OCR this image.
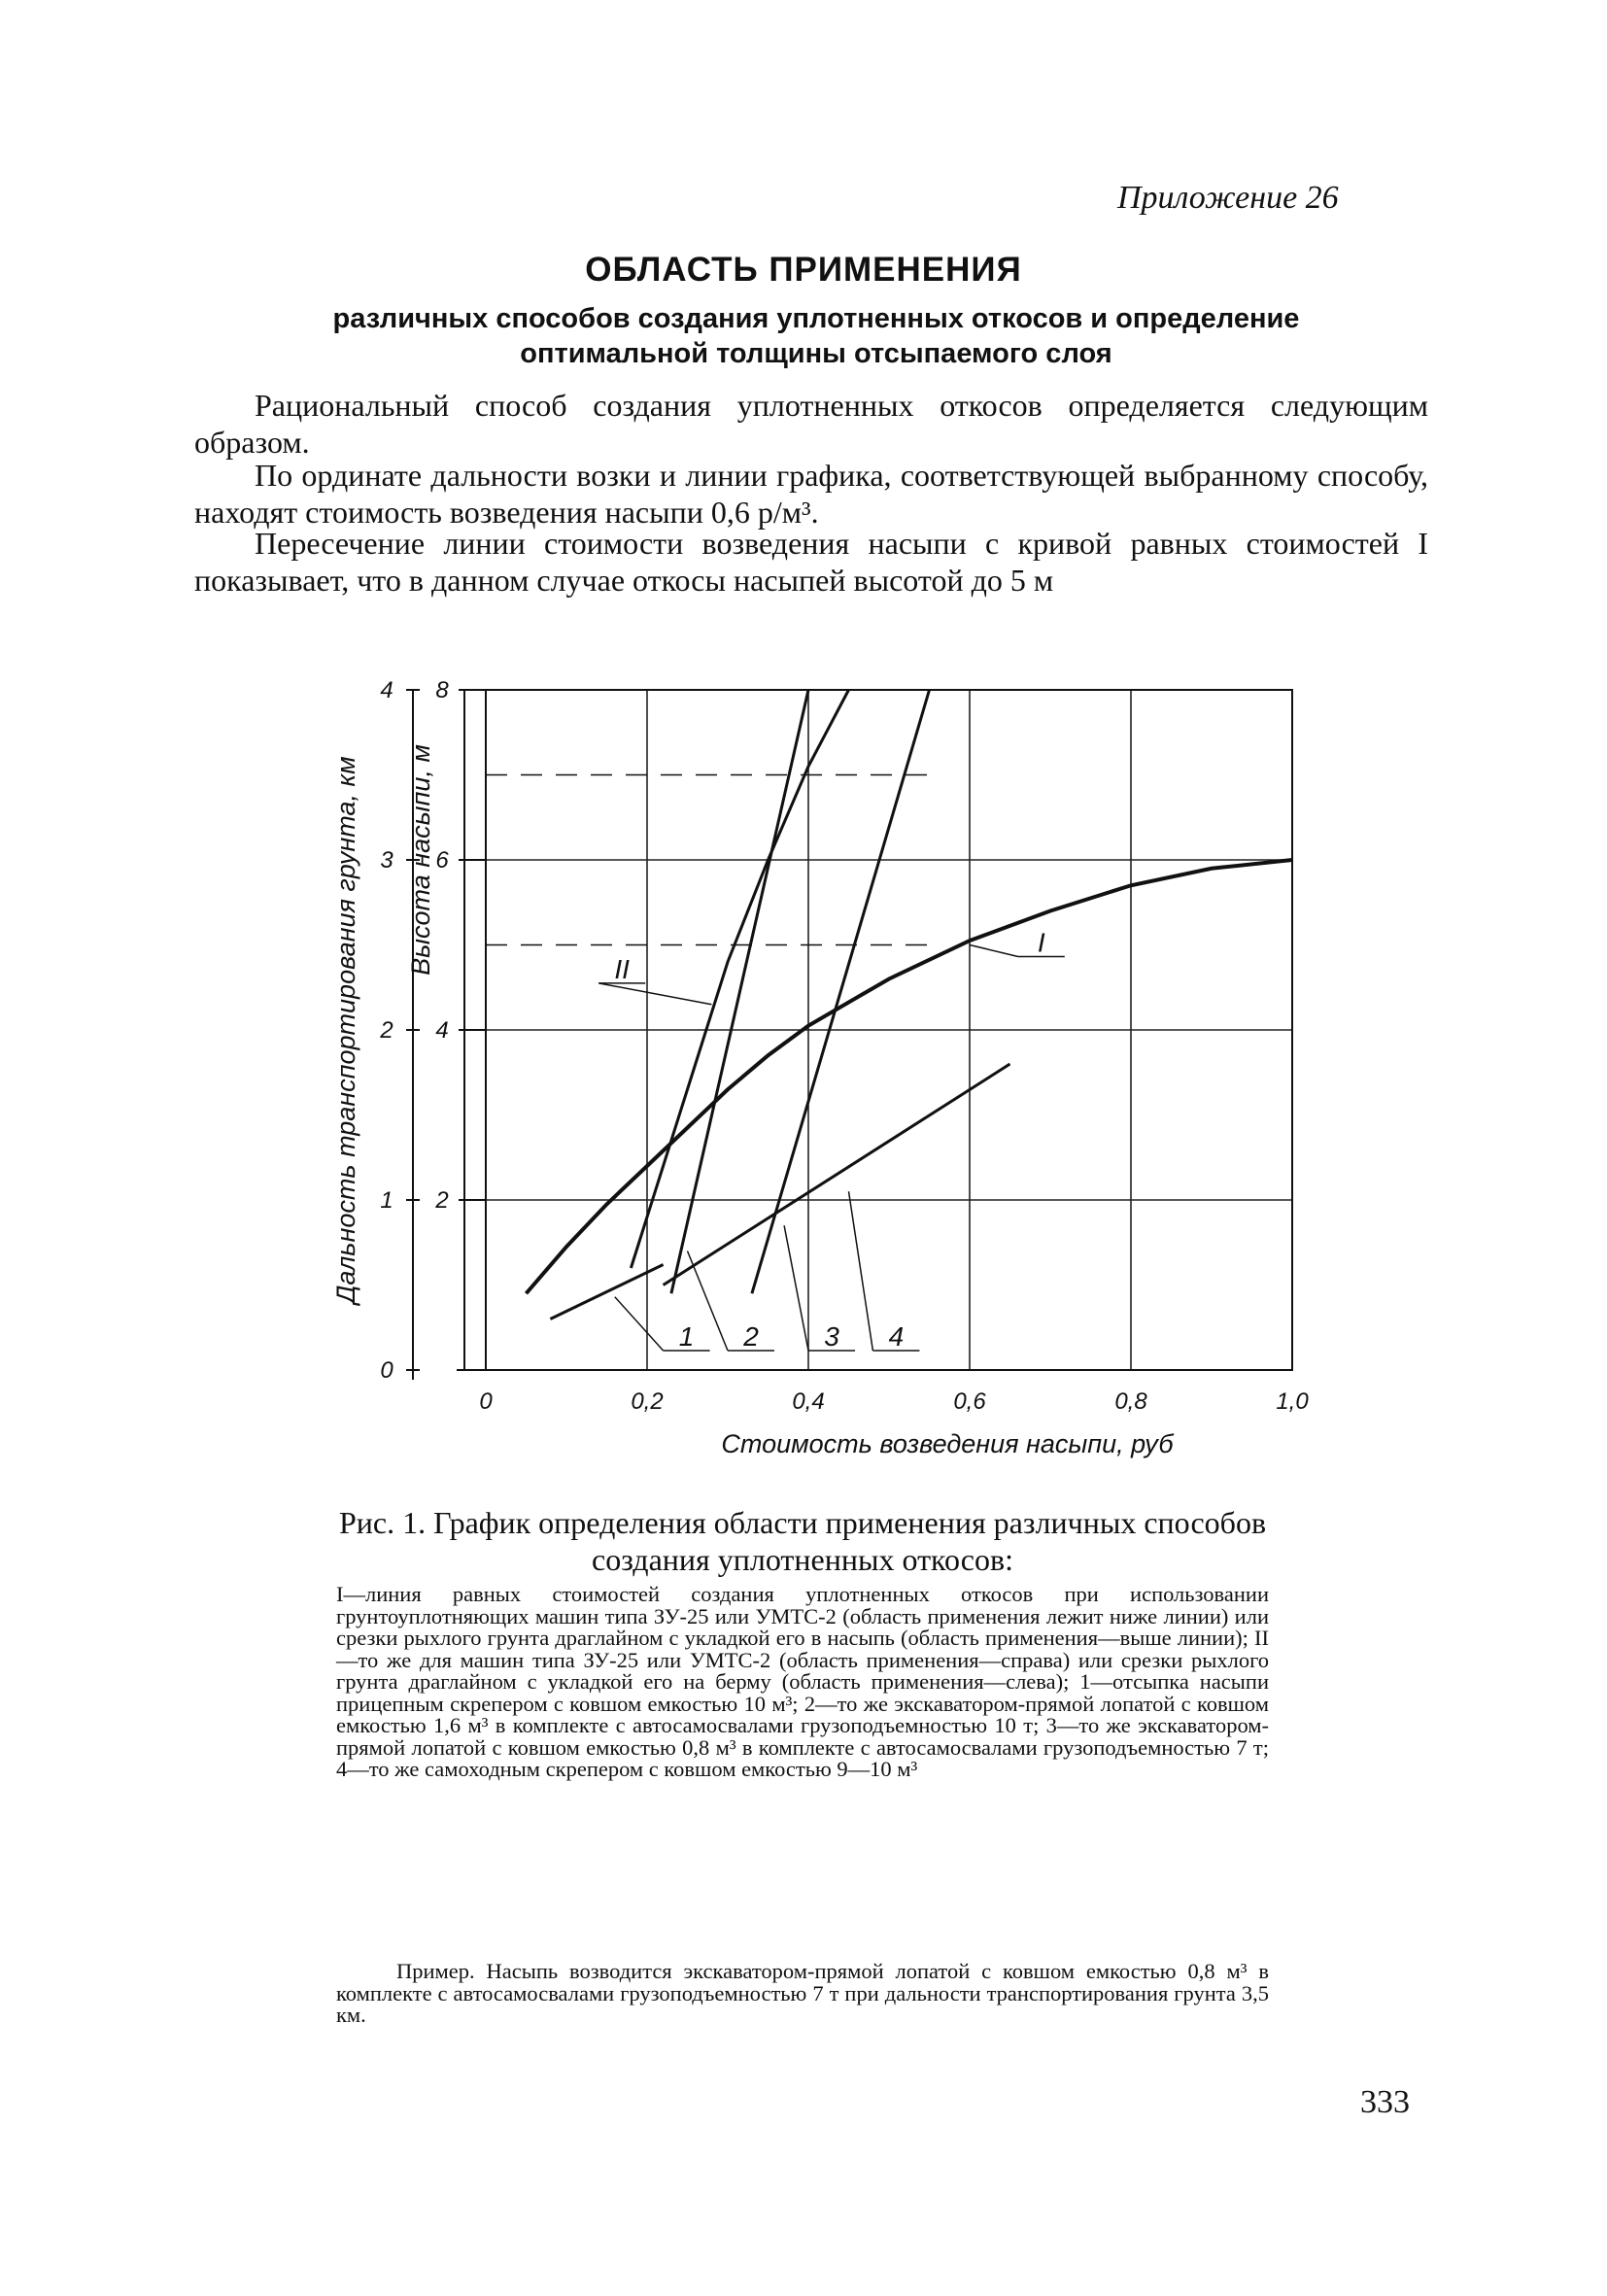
Приложение 26
ОБЛАСТЬ ПРИМЕНЕНИЯ
различных способов создания уплотненных откосов и определение оптимальной толщины отсыпаемого слоя

Рациональный способ создания уплотненных откосов определяется следующим образом.

По ординате дальности возки и линии графика, соответствующей выбранному способу, находят стоимость возведения насыпи 0,6 р/м³.

Пересечение линии стоимости возведения насыпи с кривой равных стоимостей I показывает, что в данном случае откосы насыпей высотой до 5 м

0
1
2
3
4
2
4
6
8
0	0,2	0,4	0,6	0,8	1,0
Стоимость возведения насыпи, руб
Дальность транспортирования грунта, км Высота насыпи, м	I
II
1 2 3 4

Рис. 1. График определения области применения различных способов создания уплотненных откосов:

I—линия равных стоимостей создания уплотненных откосов при использовании грунтоуплотняющих машин типа ЗУ-25 или УМТС-2 (область применения лежит ниже линии) или срезки рыхлого грунта драглайном с укладкой его в насыпь (область применения—выше линии); II—то же для машин типа ЗУ-25 или УМТС-2 (область применения—справа) или срезки рыхлого грунта драглайном с укладкой его на берму (область применения—слева); 1—отсыпка насыпи прицепным скрепером с ковшом емкостью 10 м³; 2—то же экскаватором-прямой лопатой с ковшом емкостью 1,6 м³ в комплекте с автосамосвалами грузоподъемностью 10 т; 3—то же экскаватором-прямой лопатой с ковшом емкостью 0,8 м³ в комплекте с автосамосвалами грузоподъемностью 7 т; 4—то же самоходным скрепером с ковшом емкостью 9—10 м³

Пример. Насыпь возводится экскаватором-прямой лопатой с ковшом емкостью 0,8 м³ в комплекте с автосамосвалами грузоподъемностью 7 т при дальности транспортирования грунта 3,5 км.

333
